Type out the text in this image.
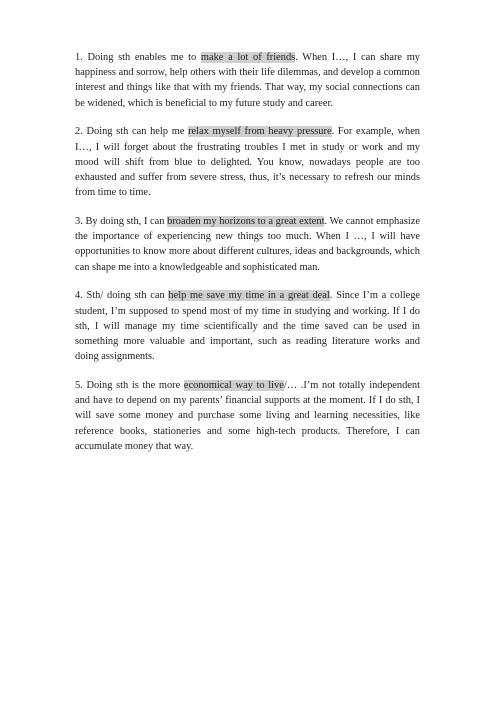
1. Doing sth enables me to make a lot of friends. When I…, I can share my happiness and sorrow, help others with their life dilemmas, and develop a common interest and things like that with my friends. That way, my social connections can be widened, which is beneficial to my future study and career.

2. Doing sth can help me relax myself from heavy pressure. For example, when I…, I will forget about the frustrating troubles I met in study or work and my mood will shift from blue to delighted. You know, nowadays people are too exhausted and suffer from severe stress, thus, it’s necessary to refresh our minds from time to time.

3. By doing sth, I can broaden my horizons to a great extent. We cannot emphasize the importance of experiencing new things too much. When I …, I will have opportunities to know more about different cultures, ideas and backgrounds, which can shape me into a knowledgeable and sophisticated man.

4. Sth/ doing sth can help me save my time in a great deal. Since I’m a college student, I’m supposed to spend most of my time in studying and working. If I do sth, I will manage my time scientifically and the time saved can be used in something more valuable and important, such as reading literature works and doing assignments.

5. Doing sth is the more economical way to live/… .I’m not totally independent and have to depend on my parents’ financial supports at the moment. If I do sth, I will save some money and purchase some living and learning necessities, like reference books, stationeries and some high-tech products. Therefore, I can accumulate money that way.
